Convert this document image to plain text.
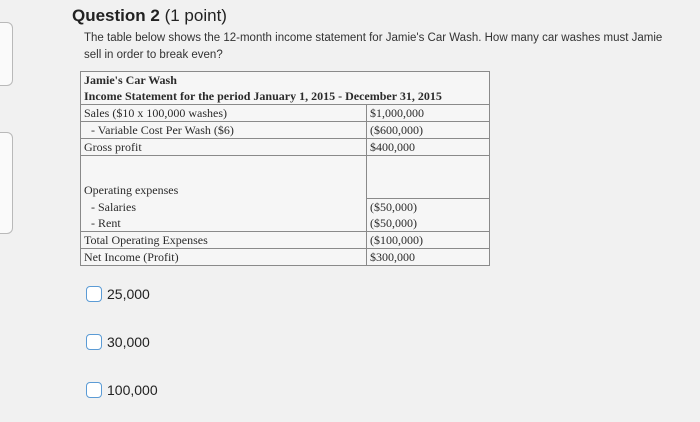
Question 2 (1 point)
The table below shows the 12-month income statement for Jamie's Car Wash. How many car washes must Jamie sell in order to break even?
Jamie's Car Wash	
Income Statement for the period January 1, 2015 - December 31, 2015	
Sales ($10 x 100,000 washes)	$1,000,000
- Variable Cost Per Wash ($6)	($600,000)
Gross profit	$400,000

Operating expenses	
- Salaries	($50,000)
- Rent	($50,000)
Total Operating Expenses	($100,000)
Net Income (Profit)	$300,000
25,000
30,000
100,000
